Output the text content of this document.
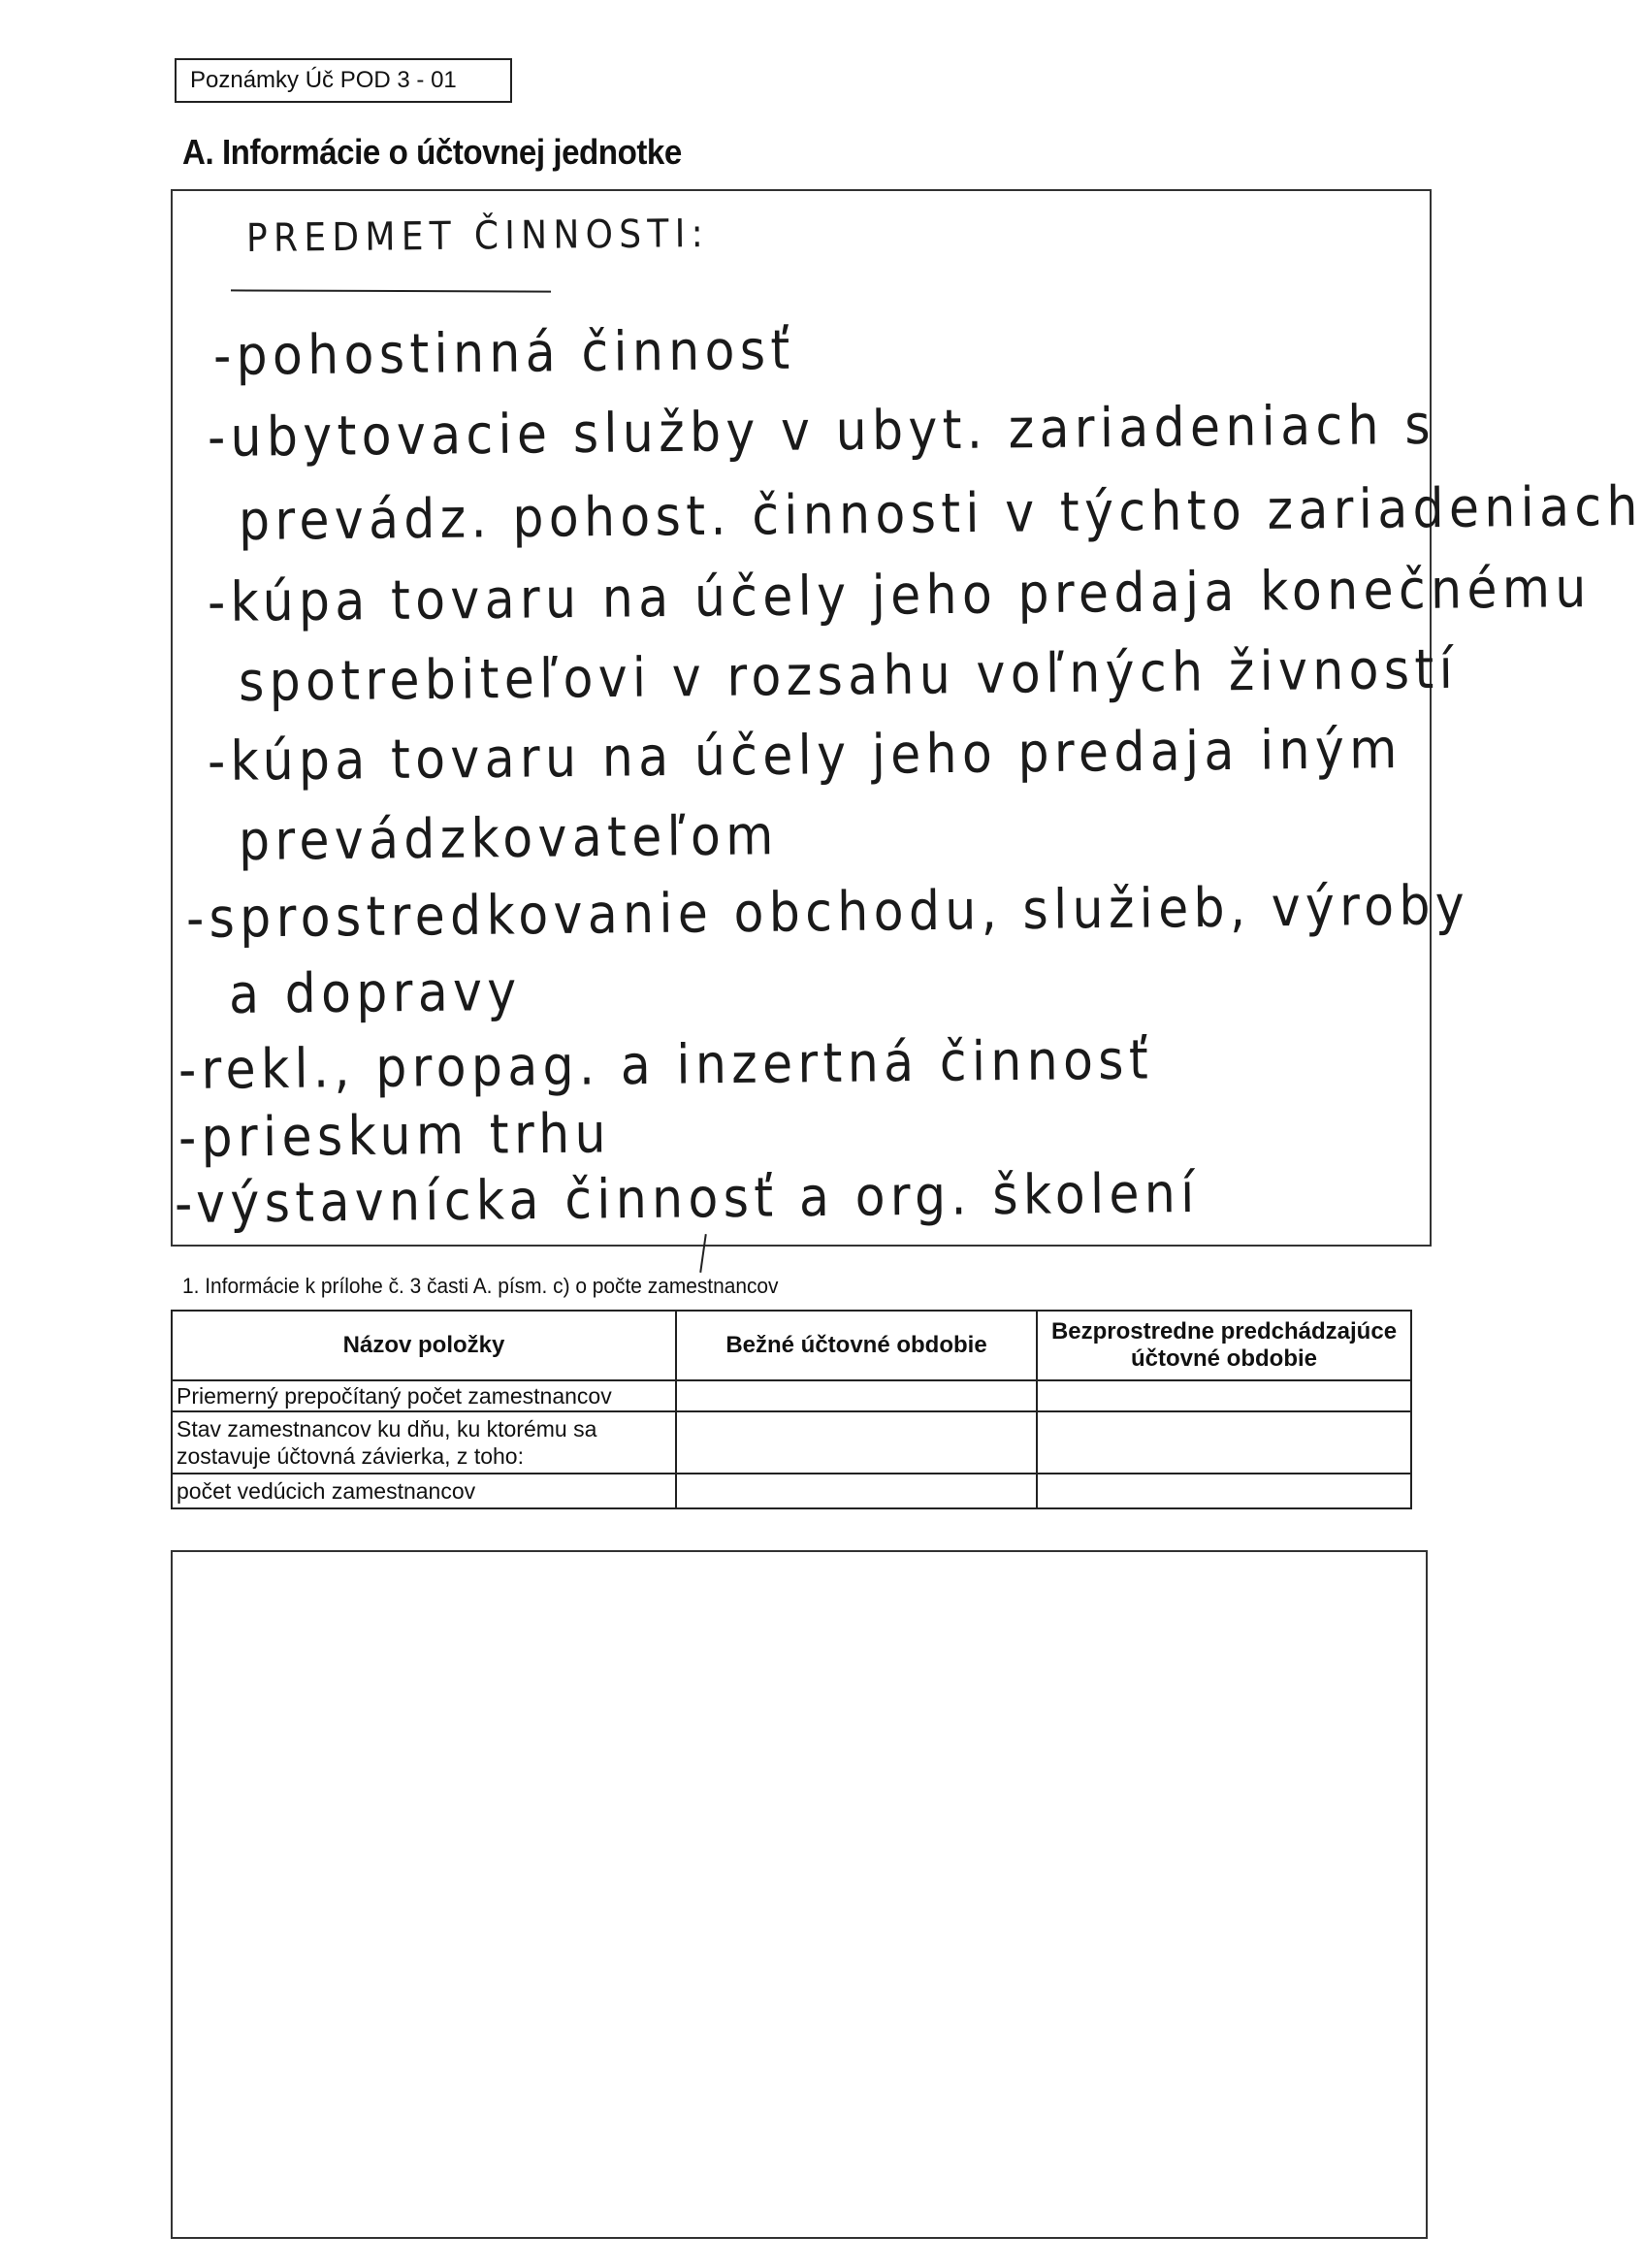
Poznámky Úč POD 3 - 01
A. Informácie o účtovnej jednotke
PREDMET ČINNOSTI:
-pohostinná činnosť
-ubytovacie služby v ubyt. zariadeniach s
prevádz. pohost. činnosti v týchto zariadeniach
-kúpa tovaru na účely jeho predaja konečnému
spotrebiteľovi v rozsahu voľných živností
-kúpa tovaru na účely jeho predaja iným
prevádzkovateľom
-sprostredkovanie obchodu, služieb, výroby
a dopravy
-rekl., propag. a inzertná činnosť
-prieskum trhu
-výstavnícka činnosť a org. školení
1. Informácie k prílohe č. 3 časti A. písm. c) o počte zamestnancov
Názov položky	Bežné účtovné obdobie	Bezprostredne predchádzajúce účtovné obdobie
Priemerný prepočítaný počet zamestnancov		
Stav zamestnancov ku dňu, ku ktorému sa zostavuje účtovná závierka, z toho:		
počet vedúcich zamestnancov		
